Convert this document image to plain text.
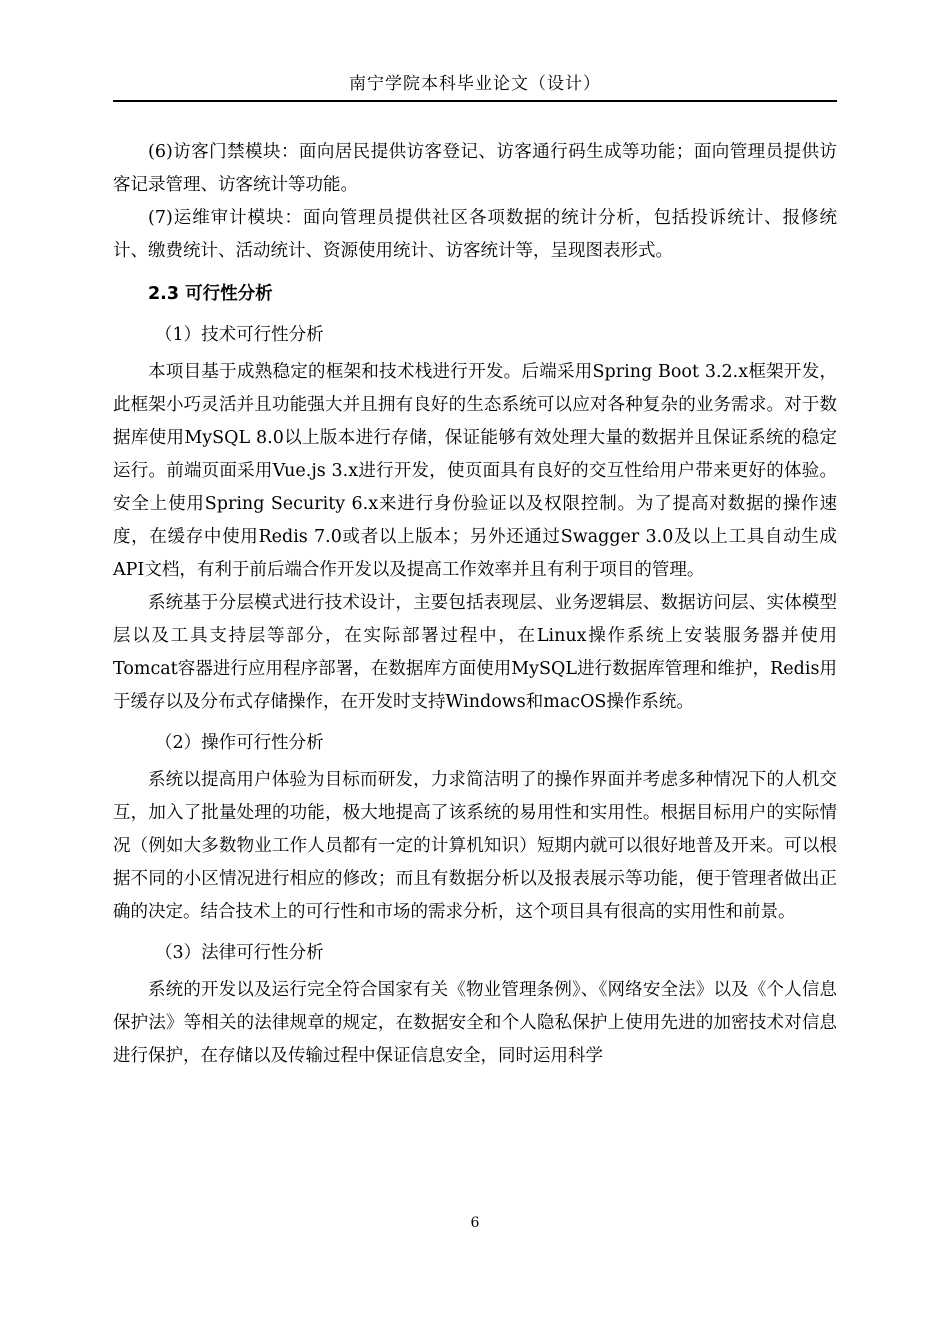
南宁学院本科毕业论文（设计）

(6)访客门禁模块：面向居民提供访客登记、访客通行码生成等功能；面向管理员提供访客记录管理、访客统计等功能。

(7)运维审计模块：面向管理员提供社区各项数据的统计分析，包括投诉统计、报修统计、缴费统计、活动统计、资源使用统计、访客统计等，呈现图表形式。

2.3 可行性分析
（1）技术可行性分析

本项目基于成熟稳定的框架和技术栈进行开发。后端采用Spring Boot 3.2.x框架开发，此框架小巧灵活并且功能强大并且拥有良好的生态系统可以应对各种复杂的业务需求。对于数据库使用MySQL 8.0以上版本进行存储，保证能够有效处理大量的数据并且保证系统的稳定运行。前端页面采用Vue.js 3.x进行开发，使页面具有良好的交互性给用户带来更好的体验。安全上使用Spring Security 6.x来进行身份验证以及权限控制。为了提高对数据的操作速度，在缓存中使用Redis 7.0或者以上版本；另外还通过Swagger 3.0及以上工具自动生成API文档，有利于前后端合作开发以及提高工作效率并且有利于项目的管理。

系统基于分层模式进行技术设计，主要包括表现层、业务逻辑层、数据访问层、实体模型层以及工具支持层等部分，在实际部署过程中，在Linux操作系统上安装服务器并使用Tomcat容器进行应用程序部署，在数据库方面使用MySQL进行数据库管理和维护，Redis用于缓存以及分布式存储操作，在开发时支持Windows和macOS操作系统。

（2）操作可行性分析

系统以提高用户体验为目标而研发，力求简洁明了的操作界面并考虑多种情况下的人机交互，加入了批量处理的功能，极大地提高了该系统的易用性和实用性。根据目标用户的实际情况（例如大多数物业工作人员都有一定的计算机知识）短期内就可以很好地普及开来。可以根据不同的小区情况进行相应的修改；而且有数据分析以及报表展示等功能，便于管理者做出正确的决定。结合技术上的可行性和市场的需求分析，这个项目具有很高的实用性和前景。

（3）法律可行性分析

系统的开发以及运行完全符合国家有关《物业管理条例》、《网络安全法》以及《个人信息保护法》等相关的法律规章的规定，在数据安全和个人隐私保护上使用先进的加密技术对信息进行保护，在存储以及传输过程中保证信息安全，同时运用科学

6
